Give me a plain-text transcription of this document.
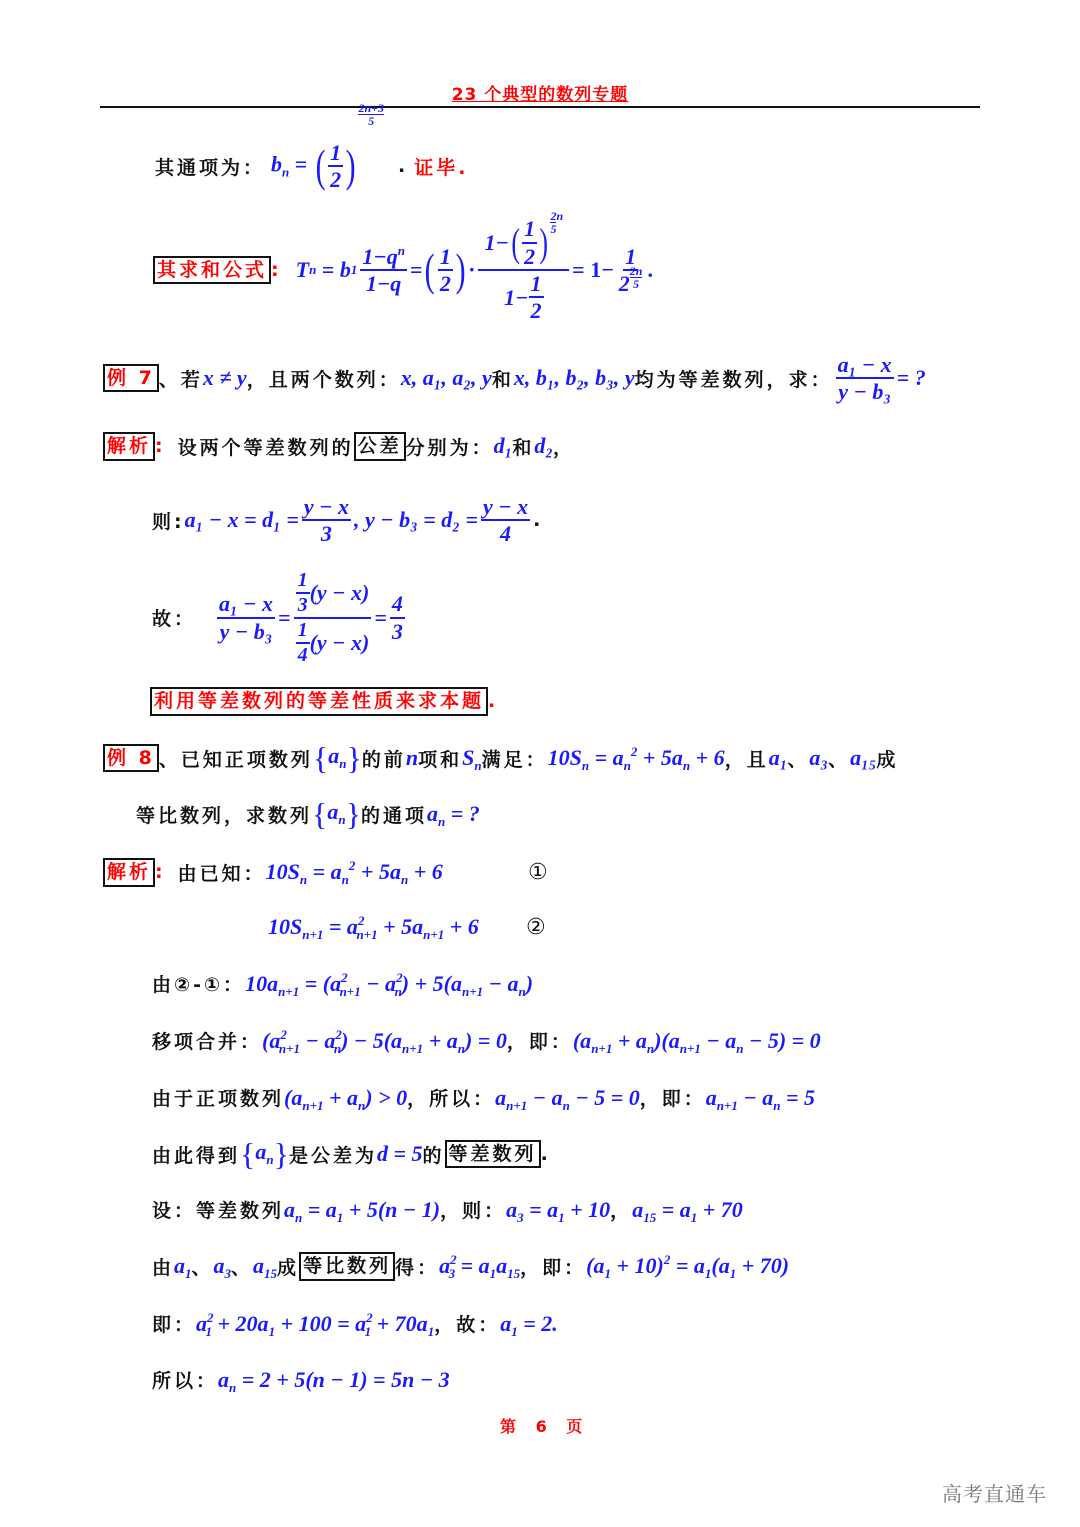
23 个典型的数列专题
其通项为： $b_n$ = ( $\frac{1}{2}$ )
$\frac{2n+3}{5}$
. 证毕.
其求和公式 : T n = b $1 \frac{1-q^n}{1-q}$ = ( $\frac{1}{2}$ ) · 1− ( $\frac{1}{2}$ )
2
5
n
$1- \frac{1}{2} = 1- \frac{1}{2 \frac{2n}{5}}$ .
例 7 、若 x ≠ y ，且两个数列： x, a₁, a₂, y 和 x, b₁, b₂, b₃, y 均为等差数列，求： $\frac{\text{a₁ − x}}{\text{y − b₃}}$ = ?
解析 : 设两个等差数列的 公差 分别为： d₁ 和 d₂ ，
则: $a_1 - x = d_1 = \frac{y - x}{3}$ , $y - b_3 = d_2 = \frac{y - x}{4}$ .
故： $\frac{\text{a₁ − x}}{\text{y − b₃}} = \frac{\frac{1}{3} (y - x)}{\frac{1}{4} (y - x)} = \frac{4}{3}$
利用等差数列的等差性质来求本题 .
例 8 、已知正项数列 $\{a_n\}$ 的前 n 项和 $S_n$ 满足： $10S_n = a_n^2 + 5a_n + 6$ ，且 a₁ 、 a₃ 、 a₁₅ 成
等比数列，求数列 $\{a_n\}$ 的通项 $a_n$ = ?
解析 : 由已知： $10S_n = a_n^2 + 5a_n + 6$	①
$10S_{n+1} = a^2_{n+1} + 5a_{n+1} + 6$ ②
由②-①： $10a_{n+1} = (a^2_{n+1} - a^2_n) + 5(a_{n+1} - a_n)$
移项合并： $(a^2_{n+1} - a^2_n) - 5(a_{n+1} + a_n) = 0$ ，即： $(a_{n+1} + a_n)(a_{n+1} - a_n - 5) = 0$
由于正项数列 $(a_{n+1} + a_n) > 0$ ，所以： $a_{n+1} - a_n - 5 = 0$ ，即： $a_{n+1} - a_n = 5$
由此得到 $\{a_n\}$ 是公差为 d = 5 的 等差数列 .
设：等差数列 $a_n = a_1 + 5(n - 1)$ ，则： $a_3 = a_1 + 10$ ， $a_{15} = a_1 + 70$
由 $a_1$ 、 $a_3$ 、 $a_{15}$ 成 等比数列 得： $a^2_3 = a_1a_{15}$ ，即： $(a_1 + 10)^2 = a_1(a_1 + 70)$
即： $a^2_1 + 20a_1 + 100 = a^2_1 + 70a_1$ ，故： $a_1 = 2$.
所以： $a_n = 2 + 5(n - 1) = 5n - 3$
第 6 页
高考直通车
